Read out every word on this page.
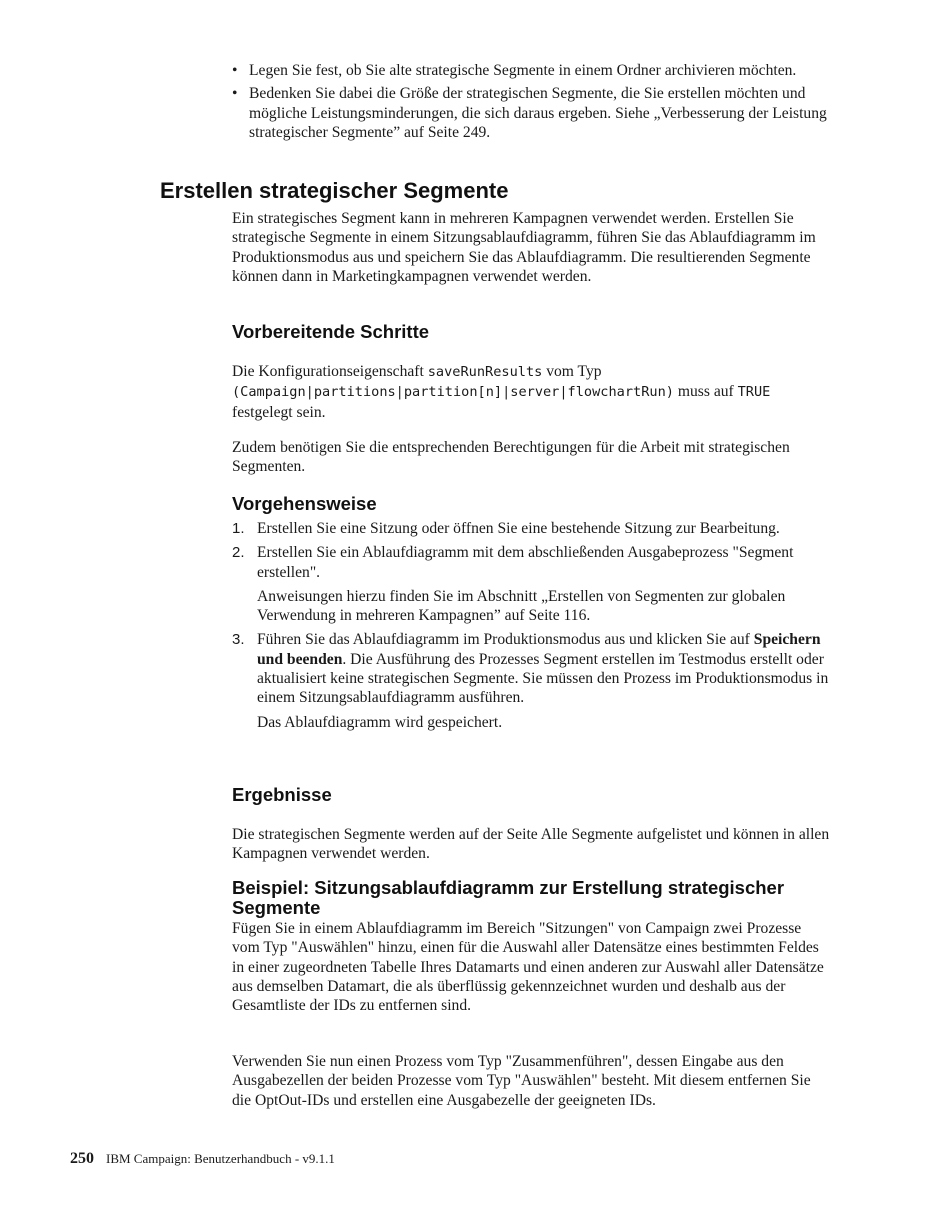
• Legen Sie fest, ob Sie alte strategische Segmente in einem Ordner archivieren möchten.
• Bedenken Sie dabei die Größe der strategischen Segmente, die Sie erstellen möchten und mögliche Leistungsminderungen, die sich daraus ergeben. Siehe „Verbesserung der Leistung strategischer Segmente” auf Seite 249.
Erstellen strategischer Segmente

Ein strategisches Segment kann in mehreren Kampagnen verwendet werden. Erstellen Sie strategische Segmente in einem Sitzungsablaufdiagramm, führen Sie das Ablaufdiagramm im Produktionsmodus aus und speichern Sie das Ablaufdiagramm. Die resultierenden Segmente können dann in Marketingkampagnen verwendet werden.

Vorbereitende Schritte

Die Konfigurationseigenschaft saveRunResults vom Typ
(Campaign|partitions|partition[n]|server|flowchartRun) muss auf TRUE festgelegt sein.

Zudem benötigen Sie die entsprechenden Berechtigungen für die Arbeit mit strategischen Segmenten.

Vorgehensweise
1. Erstellen Sie eine Sitzung oder öffnen Sie eine bestehende Sitzung zur Bearbeitung.
2. Erstellen Sie ein Ablaufdiagramm mit dem abschließenden Ausgabeprozess "Segment erstellen".
Anweisungen hierzu finden Sie im Abschnitt „Erstellen von Segmenten zur globalen Verwendung in mehreren Kampagnen” auf Seite 116.
3. Führen Sie das Ablaufdiagramm im Produktionsmodus aus und klicken Sie auf Speichern und beenden. Die Ausführung des Prozesses Segment erstellen im Testmodus erstellt oder aktualisiert keine strategischen Segmente. Sie müssen den Prozess im Produktionsmodus in einem Sitzungsablaufdiagramm ausführen.
Das Ablaufdiagramm wird gespeichert.
Ergebnisse

Die strategischen Segmente werden auf der Seite Alle Segmente aufgelistet und können in allen Kampagnen verwendet werden.

Beispiel: Sitzungsablaufdiagramm zur Erstellung strategischer Segmente

Fügen Sie in einem Ablaufdiagramm im Bereich "Sitzungen" von Campaign zwei Prozesse vom Typ "Auswählen" hinzu, einen für die Auswahl aller Datensätze eines bestimmten Feldes in einer zugeordneten Tabelle Ihres Datamarts und einen anderen zur Auswahl aller Datensätze aus demselben Datamart, die als überflüssig gekennzeichnet wurden und deshalb aus der Gesamtliste der IDs zu entfernen sind.

Verwenden Sie nun einen Prozess vom Typ "Zusammenführen", dessen Eingabe aus den Ausgabezellen der beiden Prozesse vom Typ "Auswählen" besteht. Mit diesem entfernen Sie die OptOut-IDs und erstellen eine Ausgabezelle der geeigneten IDs.

250 IBM Campaign: Benutzerhandbuch - v9.1.1
